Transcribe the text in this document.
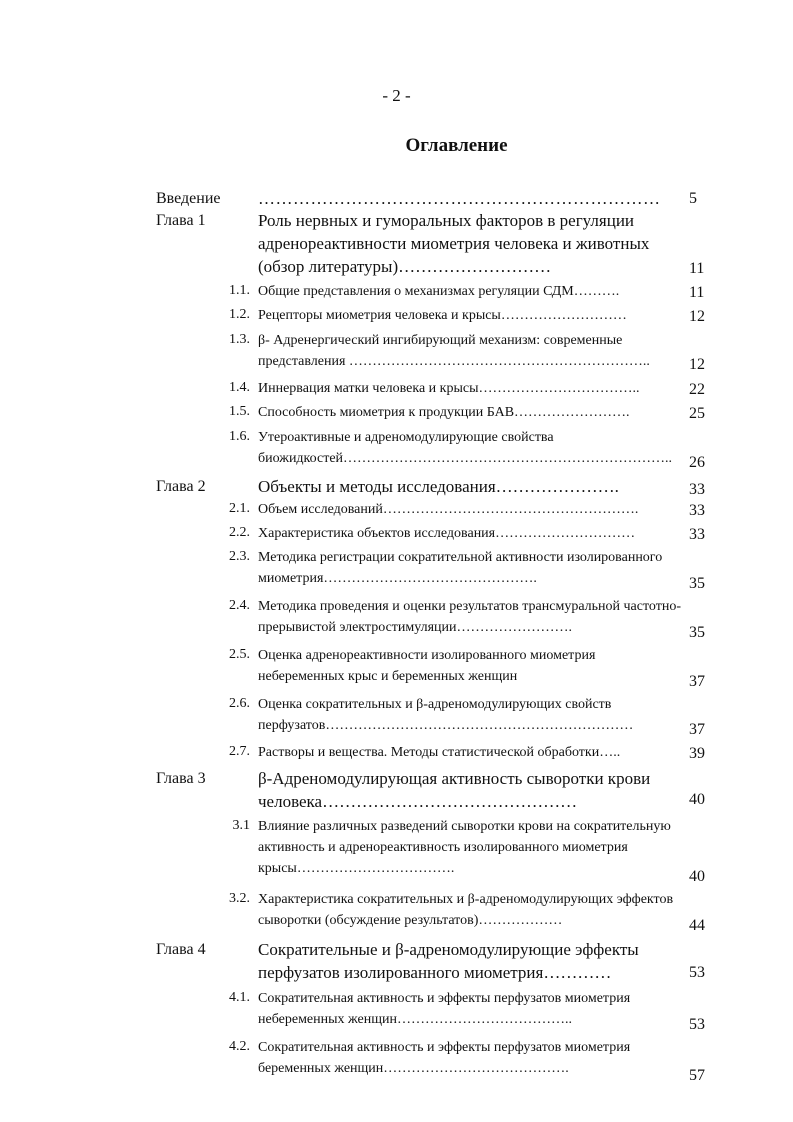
- 2 -
Оглавление
Введение ……………………………………………………………	5
Глава 1	Роль нервных и гуморальных факторов в регуляции адренореактивности миометрия человека и животных (обзор литературы)………………………	11
1.1. Общие представления о механизмах регуляции СДМ……….	11
1.2. Рецепторы миометрия человека и крысы………………………	12
1.3. β- Адренергический ингибирующий механизм: современные представления ………………………………………………………..	12
1.4. Иннервация матки человека и крысы……………………………..	22
1.5. Способность миометрия к продукции БАВ…………………….	25
1.6. Утероактивные и адреномодулирующие свойства биожидкостей……………………………………………………………..	26
Глава 2	Объекты и методы исследования………………….	33
2.1. Объем исследований……………………………………………….	33
2.2. Характеристика объектов исследования…………………………	33
2.3. Методика регистрации сократительной активности изолированного миометрия……………………………………….	35
2.4. Методика проведения и оценки результатов трансмуральной частотно-прерывистой электростимуляции…………………….	35
2.5. Оценка адренореактивности изолированного миометрия небеременных крыс и беременных женщин	37
2.6. Оценка сократительных и β-адреномодулирующих свойств перфузатов…………………………………………………………	37
2.7. Растворы и вещества. Методы статистической обработки…..	39
Глава 3	β-Адреномодулирующая активность сыворотки крови человека………………………………………	40
3.1 Влияние различных разведений сыворотки крови на сократительную активность и адренореактивность изолированного миометрия крысы…………………………….	40
3.2. Характеристика сократительных и β-адреномодулирующих эффектов сыворотки (обсуждение результатов)………………	44
Глава 4	Сократительные и β-адреномодулирующие эффекты перфузатов изолированного миометрия…………	53
4.1. Сократительная активность и эффекты перфузатов миометрия небеременных женщин………………………………..	53
4.2. Сократительная активность и эффекты перфузатов миометрия беременных женщин………………………………….	57
